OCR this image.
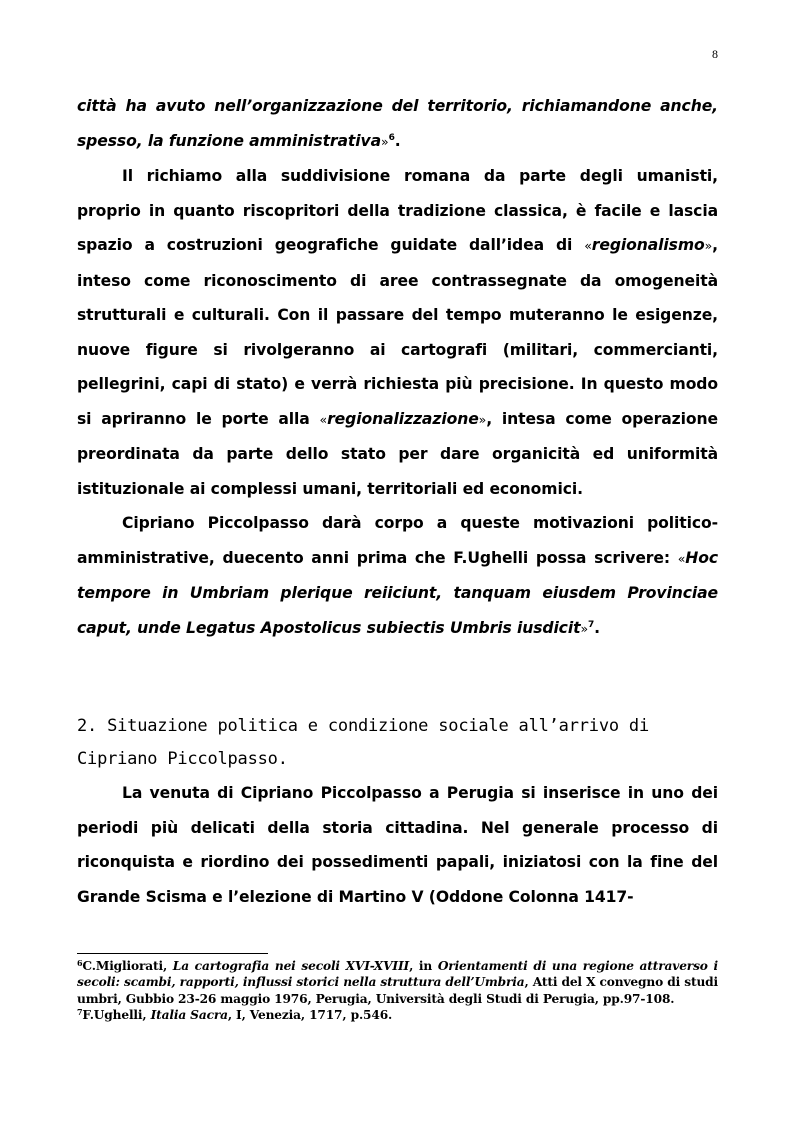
8

città ha avuto nell’organizzazione del territorio, richiamandone anche, spesso, la funzione amministrativa»$^6$.

Il richiamo alla suddivisione romana da parte degli umanisti, proprio in quanto riscopritori della tradizione classica, è facile e lascia spazio a costruzioni geografiche guidate dall’idea di «regionalismo», inteso come riconoscimento di aree contrassegnate da omogeneità strutturali e culturali. Con il passare del tempo muteranno le esigenze, nuove figure si rivolgeranno ai cartografi (militari, commercianti, pellegrini, capi di stato) e verrà richiesta più precisione. In questo modo si apriranno le porte alla «regionalizzazione», intesa come operazione preordinata da parte dello stato per dare organicità ed uniformità istituzionale ai complessi umani, territoriali ed economici.

Cipriano Piccolpasso darà corpo a queste motivazioni politico-amministrative, duecento anni prima che F.Ughelli possa scrivere: «Hoc tempore in Umbriam plerique reiiciunt, tanquam eiusdem Provinciae caput, unde Legatus Apostolicus subiectis Umbris iusdicit»$^7$.

2. Situazione politica e condizione sociale all’arrivo di Cipriano Piccolpasso.

La venuta di Cipriano Piccolpasso a Perugia si inserisce in uno dei periodi più delicati della storia cittadina. Nel generale processo di riconquista e riordino dei possedimenti papali, iniziatosi con la fine del Grande Scisma e l’elezione di Martino V (Oddone Colonna 1417-

$^6$C.Migliorati, La cartografia nei secoli XVI-XVIII, in Orientamenti di una regione attraverso i secoli: scambi, rapporti, influssi storici nella struttura dell’Umbria, Atti del X convegno di studi umbri, Gubbio 23-26 maggio 1976, Perugia, Università degli Studi di Perugia, pp.97-108.

$^7$F.Ughelli, Italia Sacra, I, Venezia, 1717, p.546.
